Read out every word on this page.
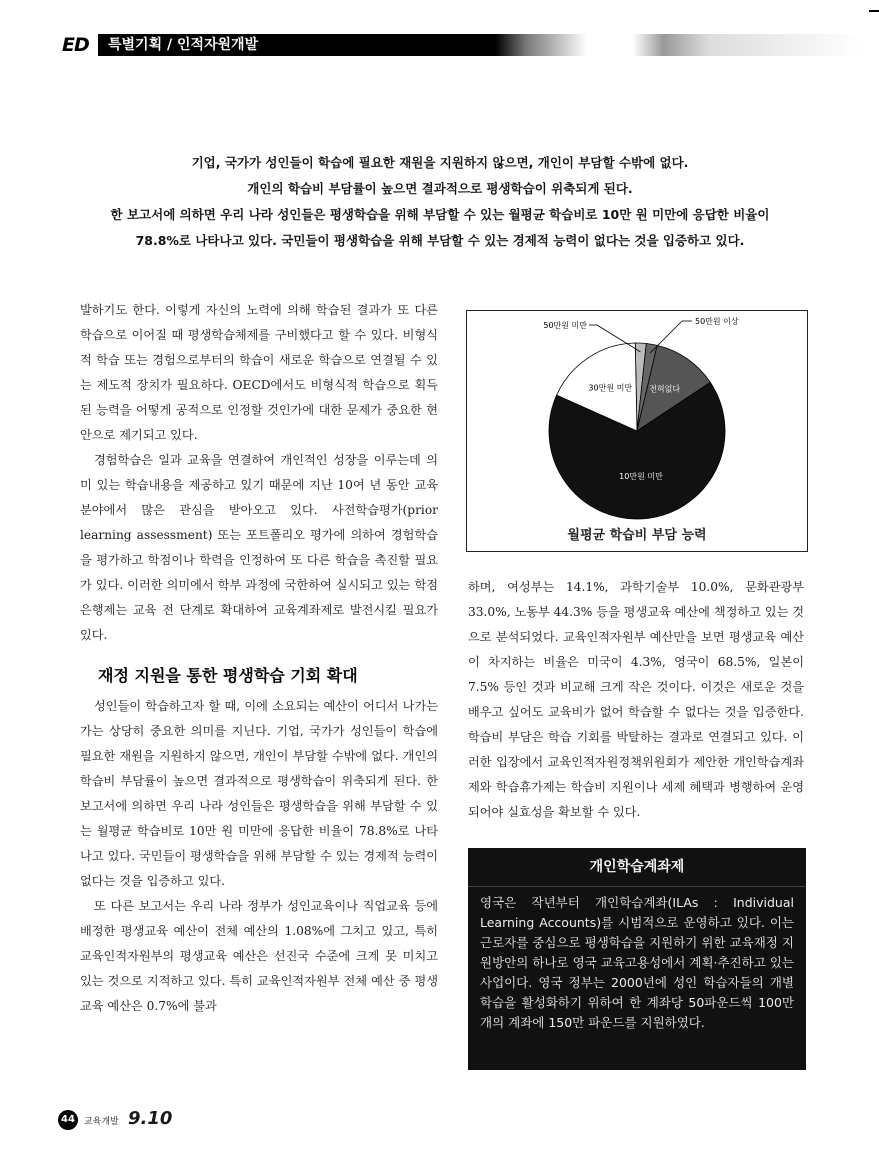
ED	특별기획 / 인적자원개발
기업, 국가가 성인들이 학습에 필요한 재원을 지원하지 않으면, 개인이 부담할 수밖에 없다.
개인의 학습비 부담률이 높으면 결과적으로 평생학습이 위축되게 된다.
한 보고서에 의하면 우리 나라 성인들은 평생학습을 위해 부담할 수 있는 월평균 학습비로 10만 원 미만에 응답한 비율이
78.8%로 나타나고 있다. 국민들이 평생학습을 위해 부담할 수 있는 경제적 능력이 없다는 것을 입증하고 있다.

발하기도 한다. 이렇게 자신의 노력에 의해 학습된 결과가 또 다른 학습으로 이어질 때 평생학습체제를 구비했다고 할 수 있다. 비형식적 학습 또는 경험으로부터의 학습이 새로운 학습으로 연결될 수 있는 제도적 장치가 필요하다. OECD에서도 비형식적 학습으로 획득된 능력을 어떻게 공적으로 인정할 것인가에 대한 문제가 중요한 현안으로 제기되고 있다.

경험학습은 일과 교육을 연결하여 개인적인 성장을 이루는데 의미 있는 학습내용을 제공하고 있기 때문에 지난 10여 년 동안 교육분야에서 많은 관심을 받아오고 있다. 사전학습평가(prior learning assessment) 또는 포트폴리오 평가에 의하여 경험학습을 평가하고 학점이나 학력을 인정하여 또 다른 학습을 촉진할 필요가 있다. 이러한 의미에서 학부 과정에 국한하여 실시되고 있는 학점은행제는 교육 전 단계로 확대하여 교육계좌제로 발전시킬 필요가 있다.

재정 지원을 통한 평생학습 기회 확대

성인들이 학습하고자 할 때, 이에 소요되는 예산이 어디서 나가는가는 상당히 중요한 의미를 지닌다. 기업, 국가가 성인들이 학습에 필요한 재원을 지원하지 않으면, 개인이 부담할 수밖에 없다. 개인의 학습비 부담률이 높으면 결과적으로 평생학습이 위축되게 된다. 한 보고서에 의하면 우리 나라 성인들은 평생학습을 위해 부담할 수 있는 월평균 학습비로 10만 원 미만에 응답한 비율이 78.8%로 나타나고 있다. 국민들이 평생학습을 위해 부담할 수 있는 경제적 능력이 없다는 것을 입증하고 있다.

또 다른 보고서는 우리 나라 정부가 성인교육이나 직업교육 등에 배정한 평생교육 예산이 전체 예산의 1.08%에 그치고 있고, 특히 교육인적자원부의 평생교육 예산은 선진국 수준에 크게 못 미치고 있는 것으로 지적하고 있다. 특히 교육인적자원부 전체 예산 중 평생교육 예산은 0.7%에 불과

10만원 미만
30만원 미만 전혀없다
50만원 미만	50만원 이상
월평균 학습비 부담 능력

하며, 여성부는 14.1%, 과학기술부 10.0%, 문화관광부 33.0%, 노동부 44.3% 등을 평생교육 예산에 책정하고 있는 것으로 분석되었다. 교육인적자원부 예산만을 보면 평생교육 예산이 차지하는 비율은 미국이 4.3%, 영국이 68.5%, 일본이 7.5% 등인 것과 비교해 크게 작은 것이다. 이것은 새로운 것을 배우고 싶어도 교육비가 없어 학습할 수 없다는 것을 입증한다. 학습비 부담은 학습 기회를 박탈하는 결과로 연결되고 있다. 이러한 입장에서 교육인적자원정책위원회가 제안한 개인학습계좌제와 학습휴가제는 학습비 지원이나 세제 혜택과 병행하여 운영되어야 실효성을 확보할 수 있다.

개인학습계좌제
영국은 작년부터 개인학습계좌(ILAs : Individual Learning Accounts)를 시범적으로 운영하고 있다. 이는 근로자를 중심으로 평생학습을 지원하기 위한 교육재정 지원방안의 하나로 영국 교육고용성에서 계획·추진하고 있는 사업이다. 영국 정부는 2000년에 성인 학습자들의 개별 학습을 활성화하기 위하여 한 계좌당 50파운드씩 100만개의 계좌에 150만 파운드를 지원하였다.
44	교육개발 9.10
